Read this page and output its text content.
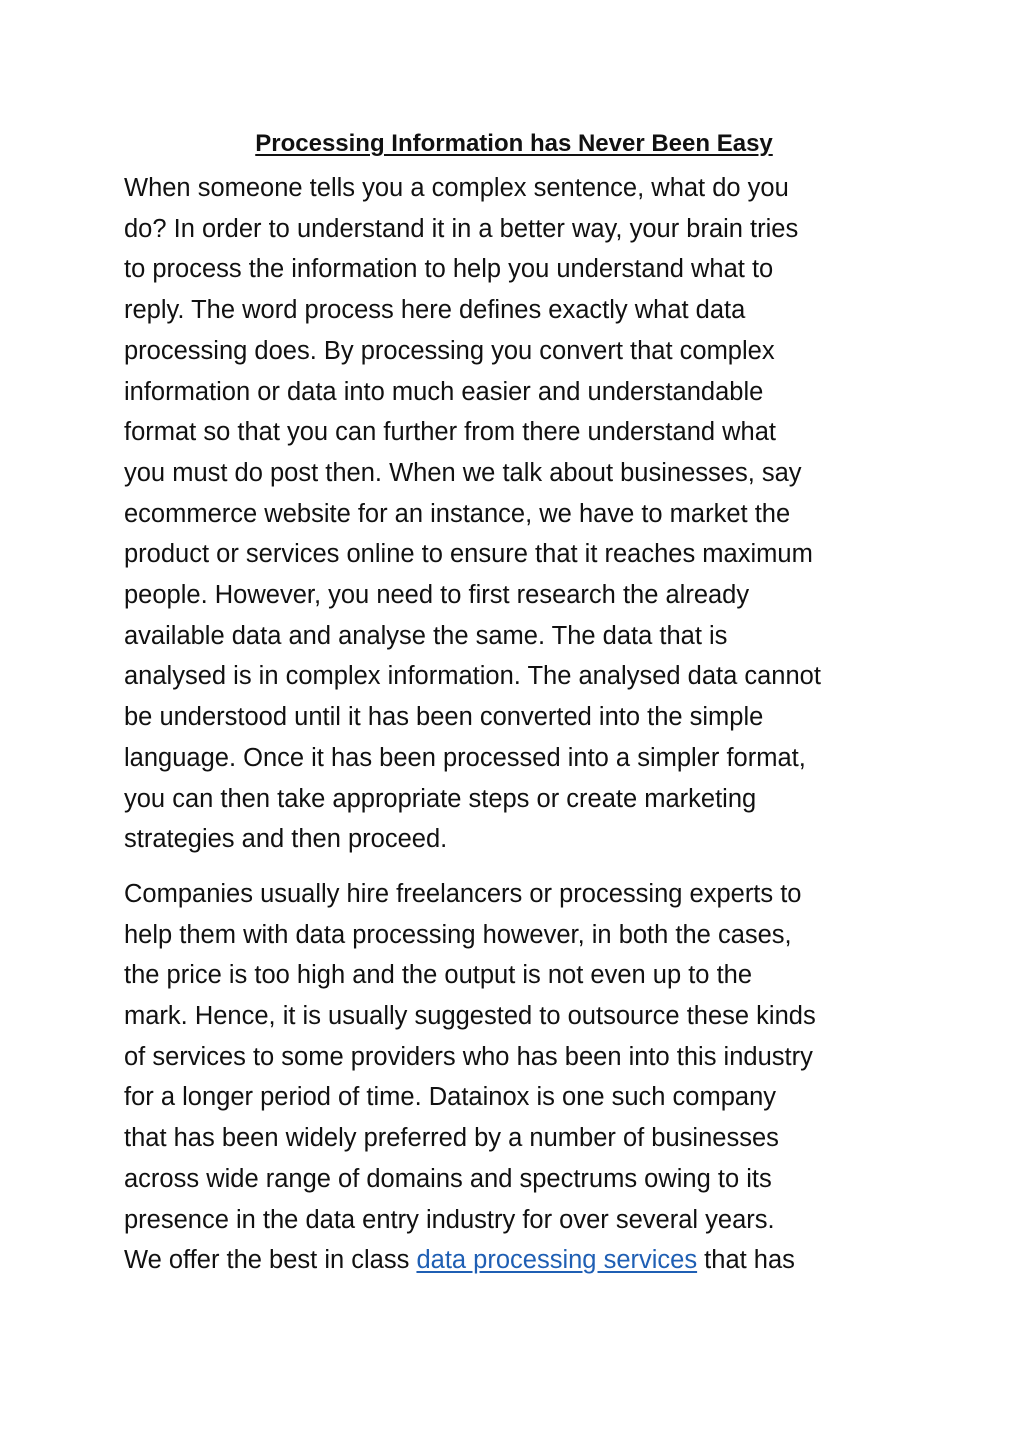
Processing Information has Never Been Easy
When someone tells you a complex sentence, what do you
do? In order to understand it in a better way, your brain tries
to process the information to help you understand what to
reply. The word process here defines exactly what data
processing does. By processing you convert that complex
information or data into much easier and understandable
format so that you can further from there understand what
you must do post then. When we talk about businesses, say
ecommerce website for an instance, we have to market the
product or services online to ensure that it reaches maximum
people. However, you need to first research the already
available data and analyse the same. The data that is
analysed is in complex information. The analysed data cannot
be understood until it has been converted into the simple
language. Once it has been processed into a simpler format,
you can then take appropriate steps or create marketing
strategies and then proceed.
Companies usually hire freelancers or processing experts to
help them with data processing however, in both the cases,
the price is too high and the output is not even up to the
mark. Hence, it is usually suggested to outsource these kinds
of services to some providers who has been into this industry
for a longer period of time. Datainox is one such company
that has been widely preferred by a number of businesses
across wide range of domains and spectrums owing to its
presence in the data entry industry for over several years.
We offer the best in class data processing services that has
